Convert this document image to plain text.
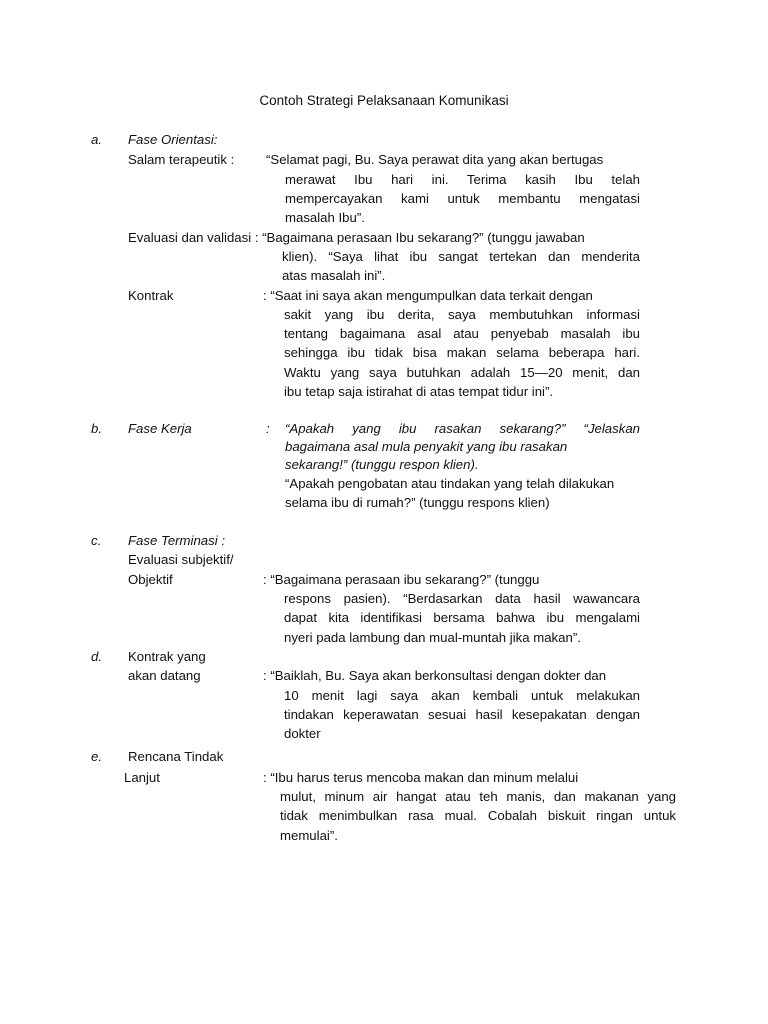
Contoh Strategi Pelaksanaan Komunikasi
a. Fase Orientasi:
Salam terapeutik : “Selamat pagi, Bu. Saya perawat dita yang akan bertugas
merawat Ibu hari ini. Terima kasih Ibu telah
mempercayakan kami untuk membantu mengatasi
masalah Ibu”.
Evaluasi dan validasi : “Bagaimana perasaan Ibu sekarang?” (tunggu jawaban
klien). “Saya lihat ibu sangat tertekan dan menderita
atas masalah ini”.
Kontrak	: “Saat ini saya akan mengumpulkan data terkait dengan
sakit yang ibu derita, saya membutuhkan informasi
tentang bagaimana asal atau penyebab masalah ibu
sehingga ibu tidak bisa makan selama beberapa hari.
Waktu yang saya butuhkan adalah 15—20 menit, dan
ibu tetap saja istirahat di atas tempat tidur ini”.
b. Fase Kerja	: “Apakah yang ibu rasakan sekarang?” “Jelaskan
bagaimana asal mula penyakit yang ibu rasakan
sekarang!” (tunggu respon klien).
“Apakah pengobatan atau tindakan yang telah dilakukan
selama ibu di rumah?” (tunggu respons klien)
c. Fase Terminasi :
Evaluasi subjektif/
Objektif	: “Bagaimana perasaan ibu sekarang?” (tunggu
respons pasien). “Berdasarkan data hasil wawancara
dapat kita identifikasi bersama bahwa ibu mengalami
nyeri pada lambung dan mual-muntah jika makan”.
d. Kontrak yang
akan datang	: “Baiklah, Bu. Saya akan berkonsultasi dengan dokter dan
10 menit lagi saya akan kembali untuk melakukan
tindakan keperawatan sesuai hasil kesepakatan dengan
dokter
e. Rencana Tindak
Lanjut	: “Ibu harus terus mencoba makan dan minum melalui
mulut, minum air hangat atau teh manis, dan makanan yang
tidak menimbulkan rasa mual. Cobalah biskuit ringan untuk
memulai”.
